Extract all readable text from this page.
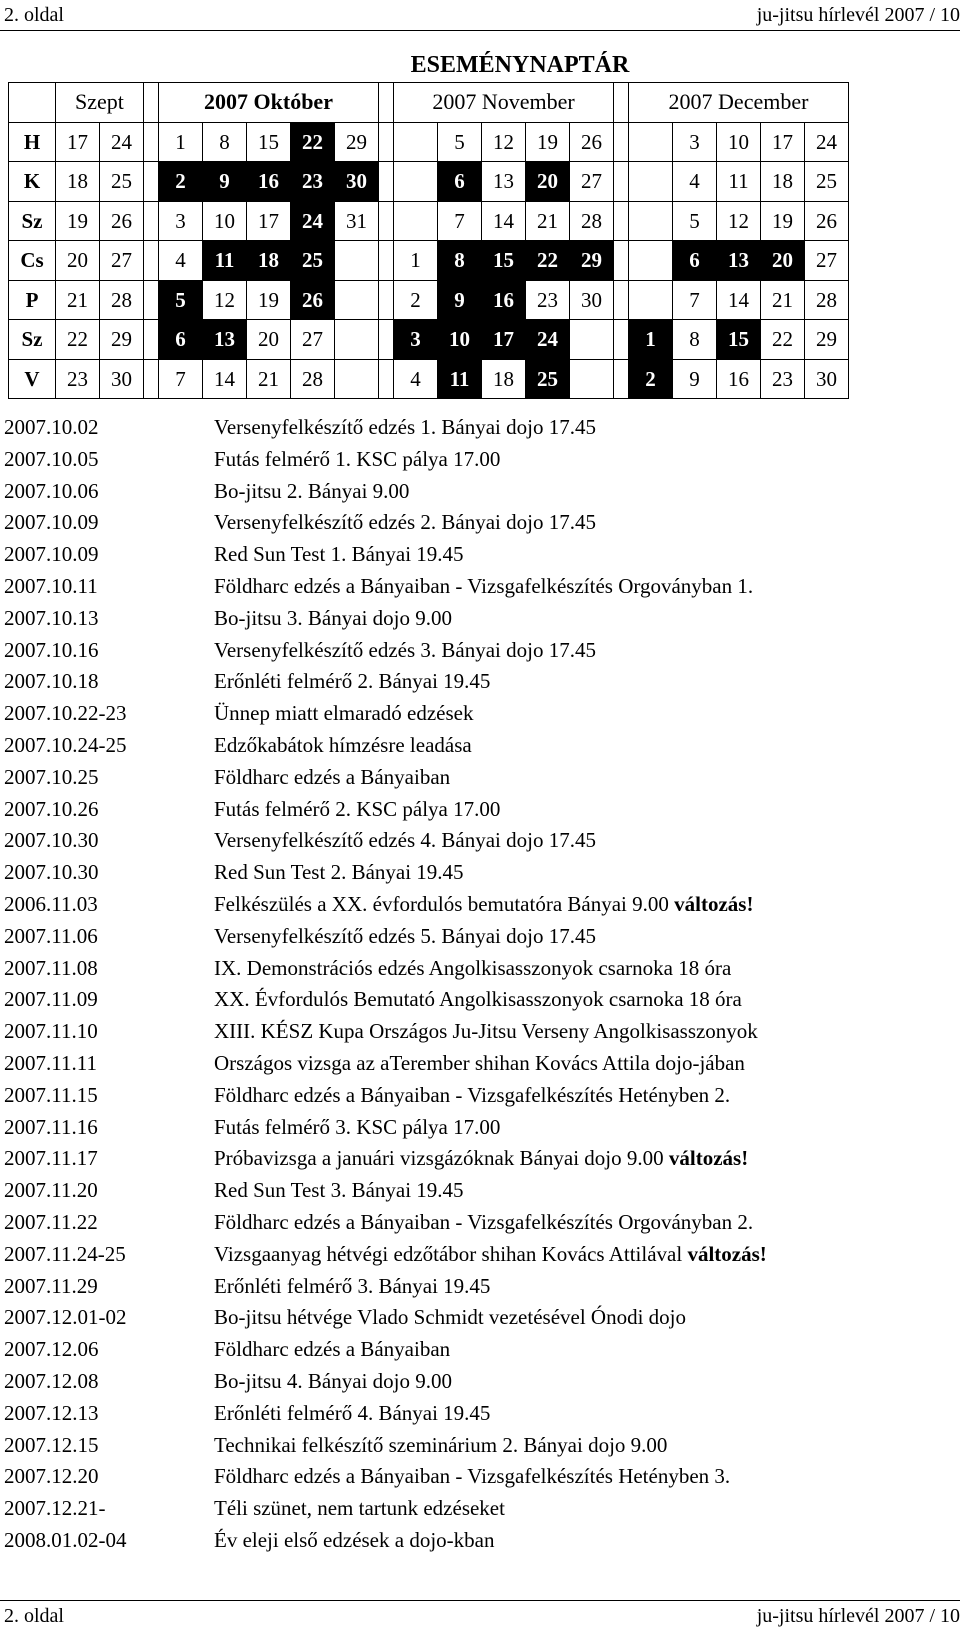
2. oldal	ju-jitsu hírlevél 2007 / 10
ESEMÉNYNAPTÁR
	Szept			2007 Október						2007 November						2007 December				
H	17	24		1	8	15	22	29			5	12	19	26			3	10	17	24
K	18	25		2	9	16	23	30			6	13	20	27			4	11	18	25
Sz	19	26		3	10	17	24	31			7	14	21	28			5	12	19	26
Cs	20	27		4	11	18	25			1	8	15	22	29			6	13	20	27
P	21	28		5	12	19	26			2	9	16	23	30			7	14	21	28
Sz	22	29		6	13	20	27			3	10	17	24			1	8	15	22	29
V	23	30		7	14	21	28			4	11	18	25			2	9	16	23	30
2007.10.02	Versenyfelkészítő edzés 1. Bányai dojo 17.45
2007.10.05	Futás felmérő 1. KSC pálya 17.00
2007.10.06	Bo-jitsu 2. Bányai 9.00
2007.10.09	Versenyfelkészítő edzés 2. Bányai dojo 17.45
2007.10.09	Red Sun Test 1. Bányai 19.45
2007.10.11	Földharc edzés a Bányaiban - Vizsgafelkészítés Orgoványban 1.
2007.10.13	Bo-jitsu 3. Bányai dojo 9.00
2007.10.16	Versenyfelkészítő edzés 3. Bányai dojo 17.45
2007.10.18	Erőnléti felmérő 2. Bányai 19.45
2007.10.22-23	Ünnep miatt elmaradó edzések
2007.10.24-25	Edzőkabátok hímzésre leadása
2007.10.25	Földharc edzés a Bányaiban
2007.10.26	Futás felmérő 2. KSC pálya 17.00
2007.10.30	Versenyfelkészítő edzés 4. Bányai dojo 17.45
2007.10.30	Red Sun Test 2. Bányai 19.45
2006.11.03	Felkészülés a XX. évfordulós bemutatóra Bányai 9.00 változás!
2007.11.06	Versenyfelkészítő edzés 5. Bányai dojo 17.45
2007.11.08	IX. Demonstrációs edzés Angolkisasszonyok csarnoka 18 óra
2007.11.09	XX. Évfordulós Bemutató Angolkisasszonyok csarnoka 18 óra
2007.11.10	XIII. KÉSZ Kupa Országos Ju-Jitsu Verseny Angolkisasszonyok
2007.11.11	Országos vizsga az aTerember shihan Kovács Attila dojo-jában
2007.11.15	Földharc edzés a Bányaiban - Vizsgafelkészítés Hetényben 2.
2007.11.16	Futás felmérő 3. KSC pálya 17.00
2007.11.17	Próbavizsga a januári vizsgázóknak Bányai dojo 9.00 változás!
2007.11.20	Red Sun Test 3. Bányai 19.45
2007.11.22	Földharc edzés a Bányaiban - Vizsgafelkészítés Orgoványban 2.
2007.11.24-25	Vizsgaanyag hétvégi edzőtábor shihan Kovács Attilával változás!
2007.11.29	Erőnléti felmérő 3. Bányai 19.45
2007.12.01-02	Bo-jitsu hétvége Vlado Schmidt vezetésével Ónodi dojo
2007.12.06	Földharc edzés a Bányaiban
2007.12.08	Bo-jitsu 4. Bányai dojo 9.00
2007.12.13	Erőnléti felmérő 4. Bányai 19.45
2007.12.15	Technikai felkészítő szeminárium 2. Bányai dojo 9.00
2007.12.20	Földharc edzés a Bányaiban - Vizsgafelkészítés Hetényben 3.
2007.12.21-	Téli szünet, nem tartunk edzéseket
2008.01.02-04	Év eleji első edzések a dojo-kban
2. oldal	ju-jitsu hírlevél 2007 / 10
